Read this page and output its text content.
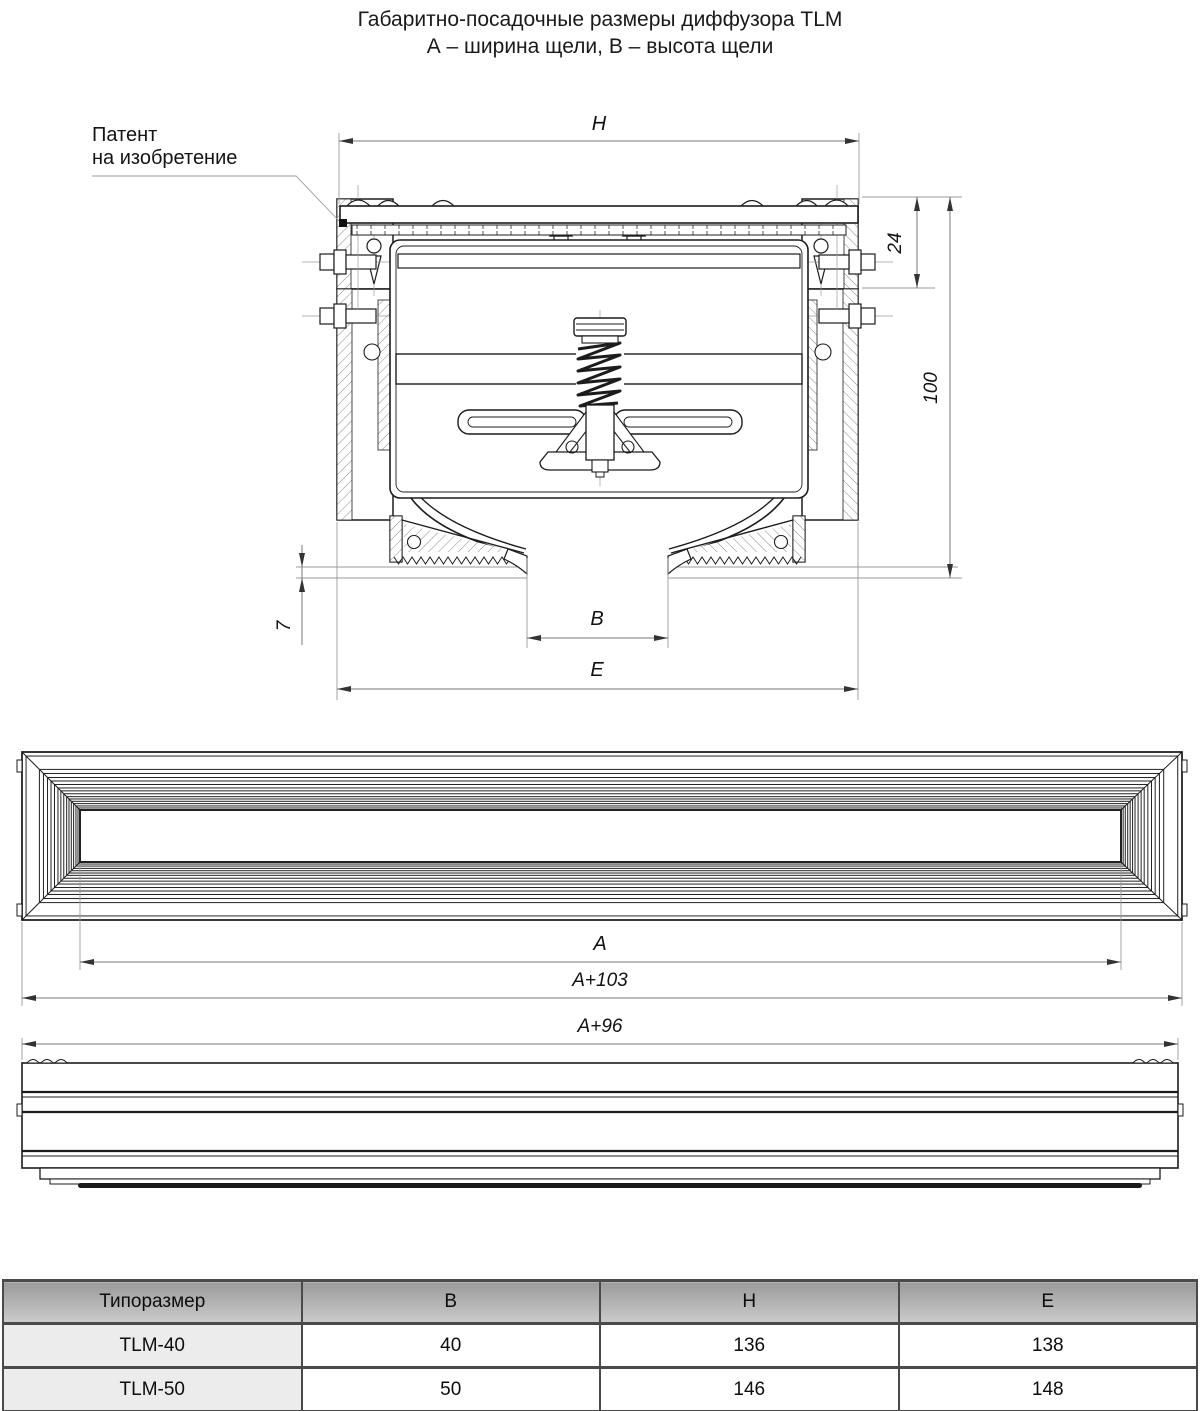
Габаритно-посадочные размеры диффузора TLM
А – ширина щели, В – высота щели
Патент
на изобретение
H
24
100
7	B
E
A
A+103
A+96
Типоразмер	B	H	E
TLM-40	40	136	138
TLM-50	50	146	148
